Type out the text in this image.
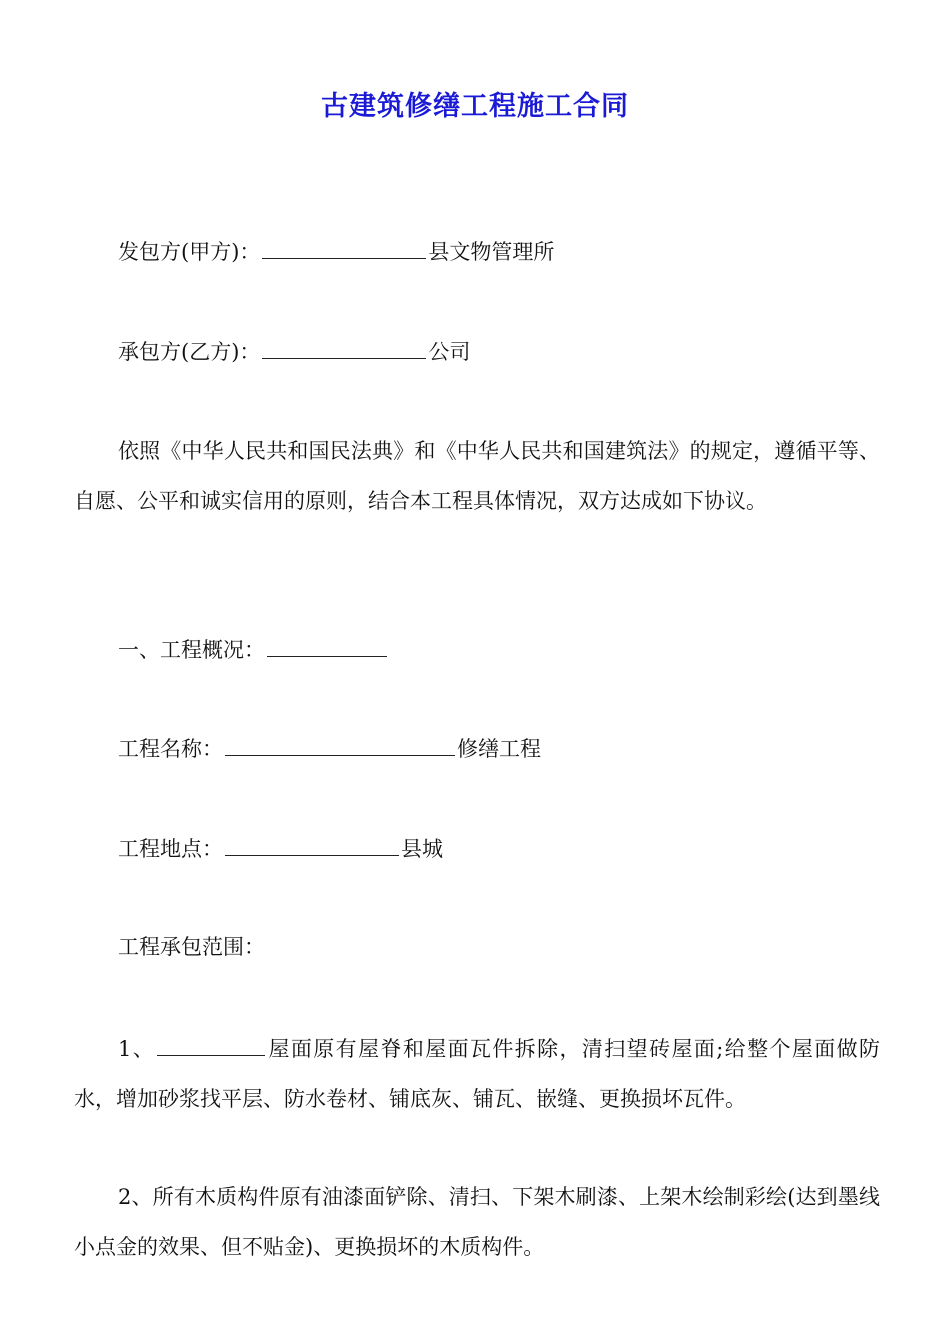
古建筑修缮工程施工合同
发包方(甲方)：	县文物管理所
承包方(乙方)：	公司
依照《中华人民共和国民法典》和《中华人民共和国建筑法》的规定，遵循平等、自愿、公平和诚实信用的原则，结合本工程具体情况，双方达成如下协议。
一、工程概况：
工程名称：	修缮工程
工程地点：	县城
工程承包范围：
1、	屋面原有屋脊和屋面瓦件拆除，清扫望砖屋面;给整个屋面做防水，增加砂浆找平层、防水卷材、铺底灰、铺瓦、嵌缝、更换损坏瓦件。
2、所有木质构件原有油漆面铲除、清扫、下架木刷漆、上架木绘制彩绘(达到墨线小点金的效果、但不贴金)、更换损坏的木质构件。
